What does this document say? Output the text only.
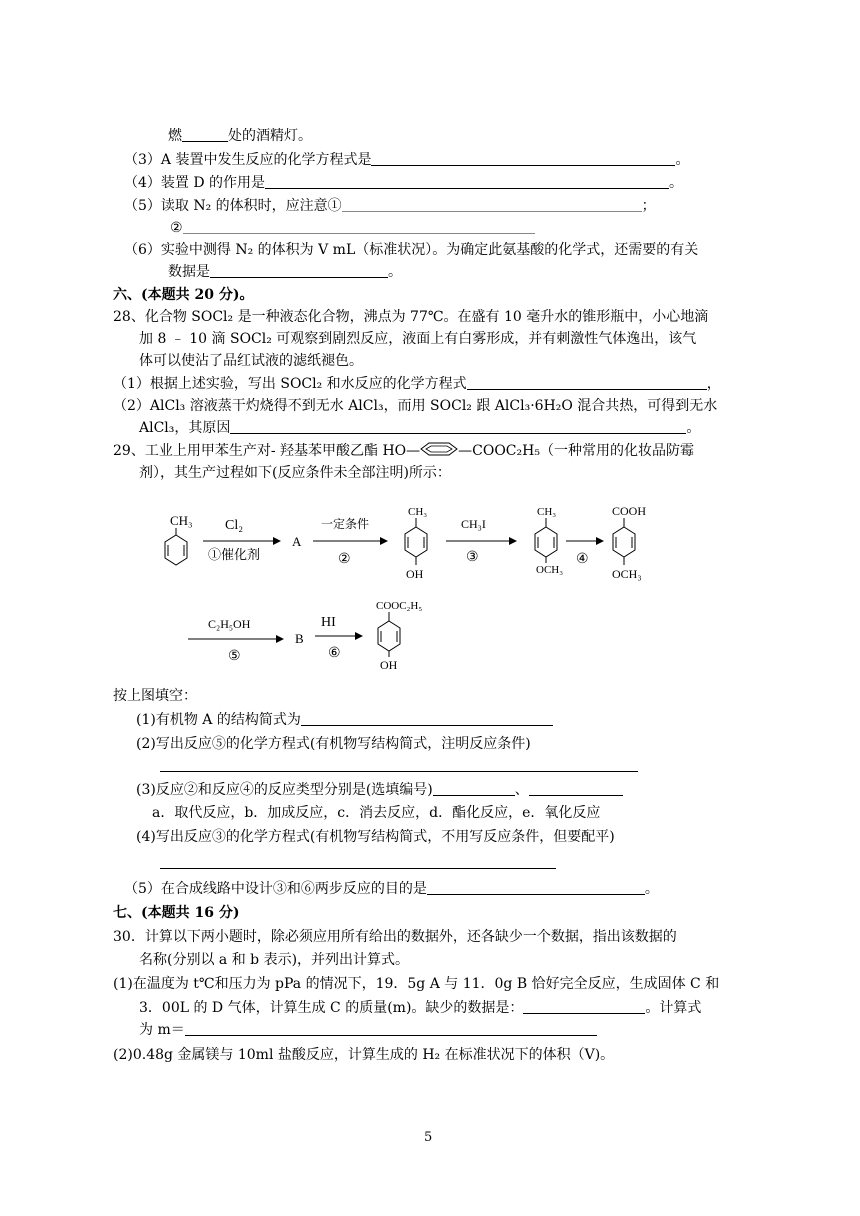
燃	处的酒精灯。
（3）A 装置中发生反应的化学方程式是	。
（4）装置 D 的作用是	。
（5）读取 N₂ 的体积时，应注意①	；
②
（6）实验中测得 N₂ 的体积为 V mL（标准状况）。为确定此氨基酸的化学式，还需要的有关
数据是	。
六、(本题共 20 分)。
28、化合物 SOCl₂ 是一种液态化合物，沸点为 77℃。在盛有 10 毫升水的锥形瓶中，小心地滴
加 8 ﹣ 10 滴 SOCl₂ 可观察到剧烈反应，液面上有白雾形成，并有刺激性气体逸出，该气
体可以使沾了品红试液的滤纸褪色。
（1）根据上述实验，写出 SOCl₂ 和水反应的化学方程式	，
（2）AlCl₃ 溶液蒸干灼烧得不到无水 AlCl₃，而用 SOCl₂ 跟 AlCl₃·6H₂O 混合共热，可得到无水
AlCl₃，其原因	。
29、工业上用甲苯生产对- 羟基苯甲酸乙酯 HO—	—COOC₂H₅（一种常用的化妆品防霉
剂），其生产过程如下(反应条件未全部注明)所示：
CH₃ Cl₂
①催化剂
A
一定条件
②
CH₃
OH
CH₃I
③
CH₃
OCH₃
④
COOH
OCH₃
C₂H₅OH
⑤
B
HI
⑥
COOC₂H₅
OH
按上图填空：
(1)有机物 A 的结构简式为
(2)写出反应⑤的化学方程式(有机物写结构简式，注明反应条件)
(3)反应②和反应④的反应类型分别是(选填编号)	、
a．取代反应，b．加成反应，c．消去反应，d．酯化反应，e．氧化反应
(4)写出反应③的化学方程式(有机物写结构简式，不用写反应条件，但要配平)
（5）在合成线路中设计③和⑥两步反应的目的是	。
七、(本题共 16 分)
30．计算以下两小题时，除必须应用所有给出的数据外，还各缺少一个数据，指出该数据的
名称(分别以 a 和 b 表示)，并列出计算式。
(1)在温度为 t℃和压力为 pPa 的情况下，19．5g A 与 11．0g B 恰好完全反应，生成固体 C 和
3．00L 的 D 气体，计算生成 C 的质量(m)。缺少的数据是：	。计算式
为 m＝
(2)0.48g 金属镁与 10ml 盐酸反应，计算生成的 H₂ 在标准状况下的体积（V)。
5
